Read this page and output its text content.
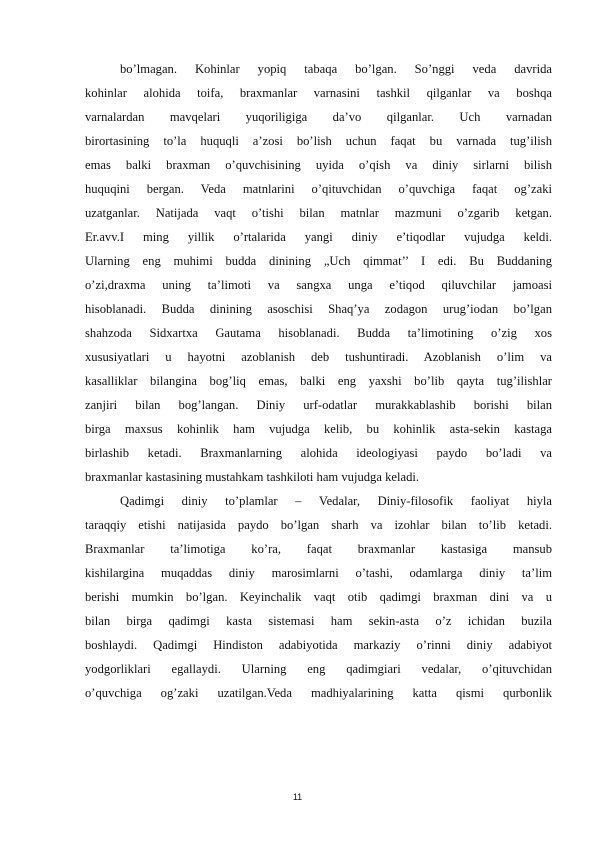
bo’lmagan. Kohinlar yopiq tabaqa bo’lgan. So’nggi veda davrida
kohinlar alohida toifa, braxmanlar varnasini tashkil qilganlar va boshqa
varnalardan mavqelari yuqoriligiga da’vo qilganlar. Uch varnadan
birortasining to’la huquqli a’zosi bo’lish uchun faqat bu varnada tug’ilish
emas balki braxman o’quvchisining uyida o’qish va diniy sirlarni bilish
huquqini bergan. Veda matnlarini o’qituvchidan o’quvchiga faqat og’zaki
uzatganlar. Natijada vaqt o’tishi bilan matnlar mazmuni o’zgarib ketgan.
Er.avv.I ming yillik o’rtalarida yangi diniy e’tiqodlar vujudga keldi.
Ularning eng muhimi budda dinining „Uch qimmat’’ I edi. Bu Buddaning
o’zi,draxma uning ta’limoti va sangxa unga e’tiqod qiluvchilar jamoasi
hisoblanadi. Budda dinining asoschisi Shaq’ya zodagon urug’iodan bo’lgan
shahzoda Sidxartxa Gautama hisoblanadi. Budda ta’limotining o’zig xos
xususiyatlari u hayotni azoblanish deb tushuntiradi. Azoblanish o’lim va
kasalliklar bilangina bog’liq emas, balki eng yaxshi bo’lib qayta tug’ilishlar
zanjiri bilan bog’langan. Diniy urf-odatlar murakkablashib borishi bilan
birga maxsus kohinlik ham vujudga kelib, bu kohinlik asta-sekin kastaga
birlashib ketadi. Braxmanlarning alohida ideologiyasi paydo bo’ladi va
braxmanlar kastasining mustahkam tashkiloti ham vujudga keladi.
Qadimgi diniy to’plamlar – Vedalar, Diniy-filosofik faoliyat hiyla
taraqqiy etishi natijasida paydo bo’lgan sharh va izohlar bilan to’lib ketadi.
Braxmanlar ta’limotiga ko’ra, faqat braxmanlar kastasiga mansub
kishilargina muqaddas diniy marosimlarni o’tashi, odamlarga diniy ta’lim
berishi mumkin bo’lgan. Keyinchalik vaqt otib qadimgi braxman dini va u
bilan birga qadimgi kasta sistemasi ham sekin-asta o’z ichidan buzila
boshlaydi. Qadimgi Hindiston adabiyotida markaziy o’rinni diniy adabiyot
yodgorliklari egallaydi. Ularning eng qadimgiari vedalar, o’qituvchidan
o’quvchiga og’zaki uzatilgan.Veda madhiyalarining katta qismi qurbonlik
11
